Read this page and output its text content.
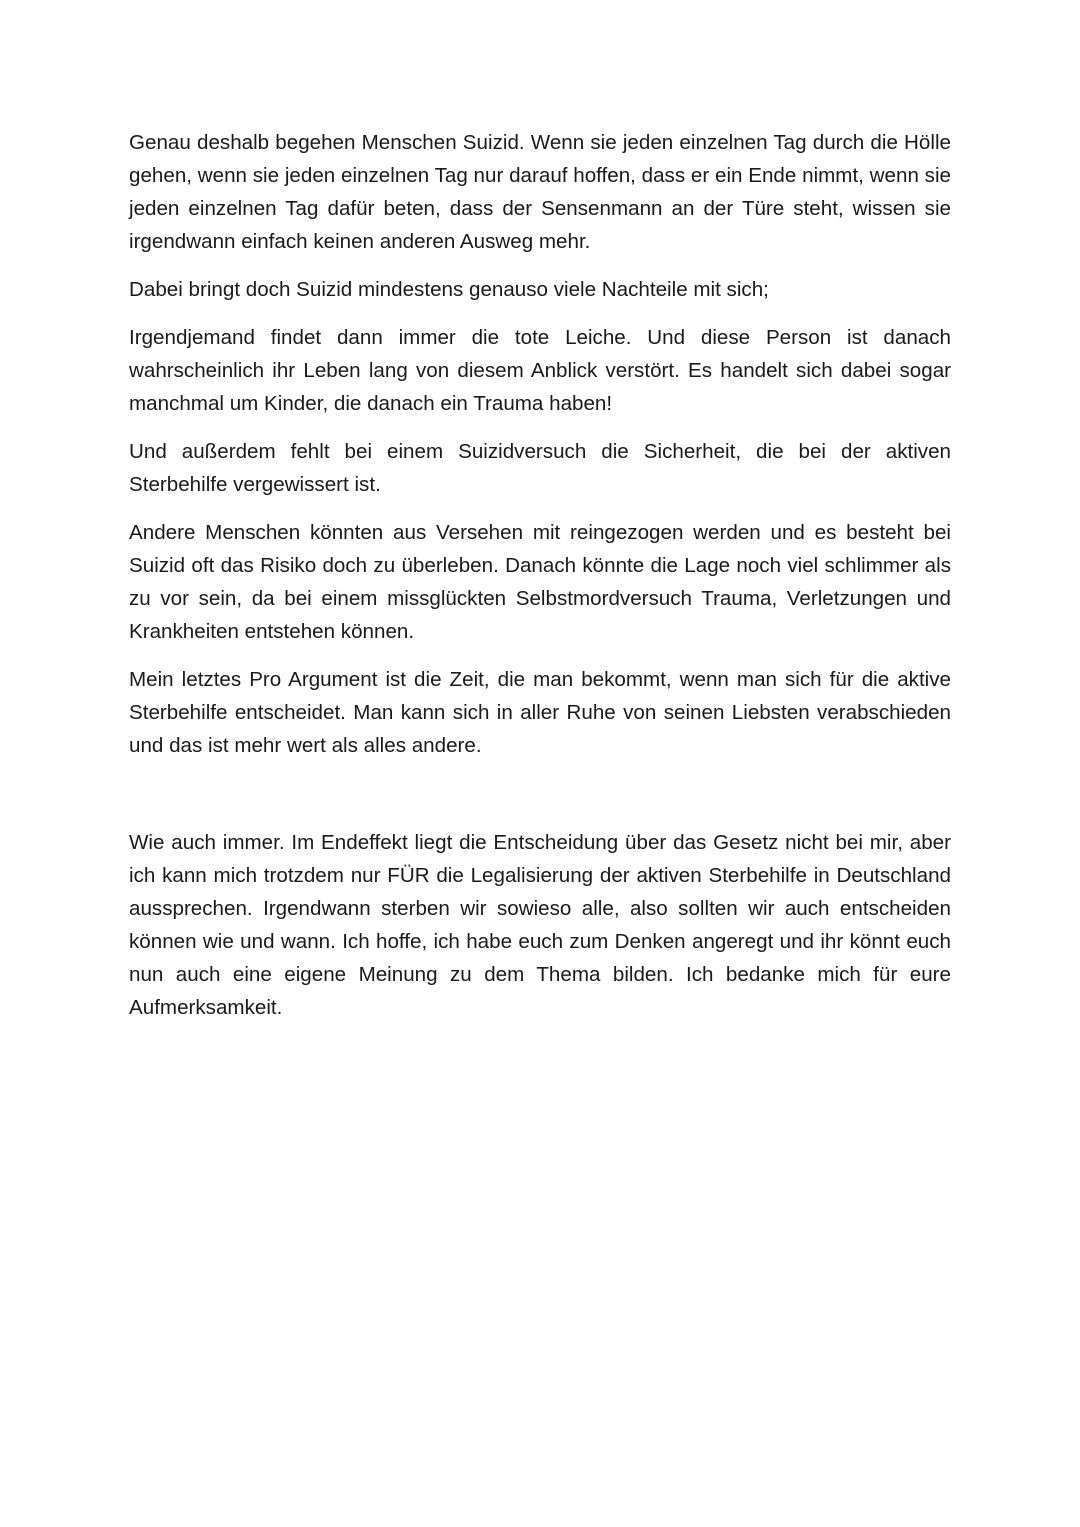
Genau deshalb begehen Menschen Suizid. Wenn sie jeden einzelnen Tag durch die Hölle gehen, wenn sie jeden einzelnen Tag nur darauf hoffen, dass er ein Ende nimmt, wenn sie jeden einzelnen Tag dafür beten, dass der Sensenmann an der Türe steht, wissen sie irgendwann einfach keinen anderen Ausweg mehr.

Dabei bringt doch Suizid mindestens genauso viele Nachteile mit sich;

Irgendjemand findet dann immer die tote Leiche. Und diese Person ist danach wahrscheinlich ihr Leben lang von diesem Anblick verstört. Es handelt sich dabei sogar manchmal um Kinder, die danach ein Trauma haben!

Und außerdem fehlt bei einem Suizidversuch die Sicherheit, die bei der aktiven Sterbehilfe vergewissert ist.

Andere Menschen könnten aus Versehen mit reingezogen werden und es besteht bei Suizid oft das Risiko doch zu überleben. Danach könnte die Lage noch viel schlimmer als zu vor sein, da bei einem missglückten Selbstmordversuch Trauma, Verletzungen und Krankheiten entstehen können.

Mein letztes Pro Argument ist die Zeit, die man bekommt, wenn man sich für die aktive Sterbehilfe entscheidet. Man kann sich in aller Ruhe von seinen Liebsten verabschieden und das ist mehr wert als alles andere.

Wie auch immer. Im Endeffekt liegt die Entscheidung über das Gesetz nicht bei mir, aber ich kann mich trotzdem nur FÜR die Legalisierung der aktiven Sterbehilfe in Deutschland aussprechen. Irgendwann sterben wir sowieso alle, also sollten wir auch entscheiden können wie und wann. Ich hoffe, ich habe euch zum Denken angeregt und ihr könnt euch nun auch eine eigene Meinung zu dem Thema bilden. Ich bedanke mich für eure Aufmerksamkeit.
